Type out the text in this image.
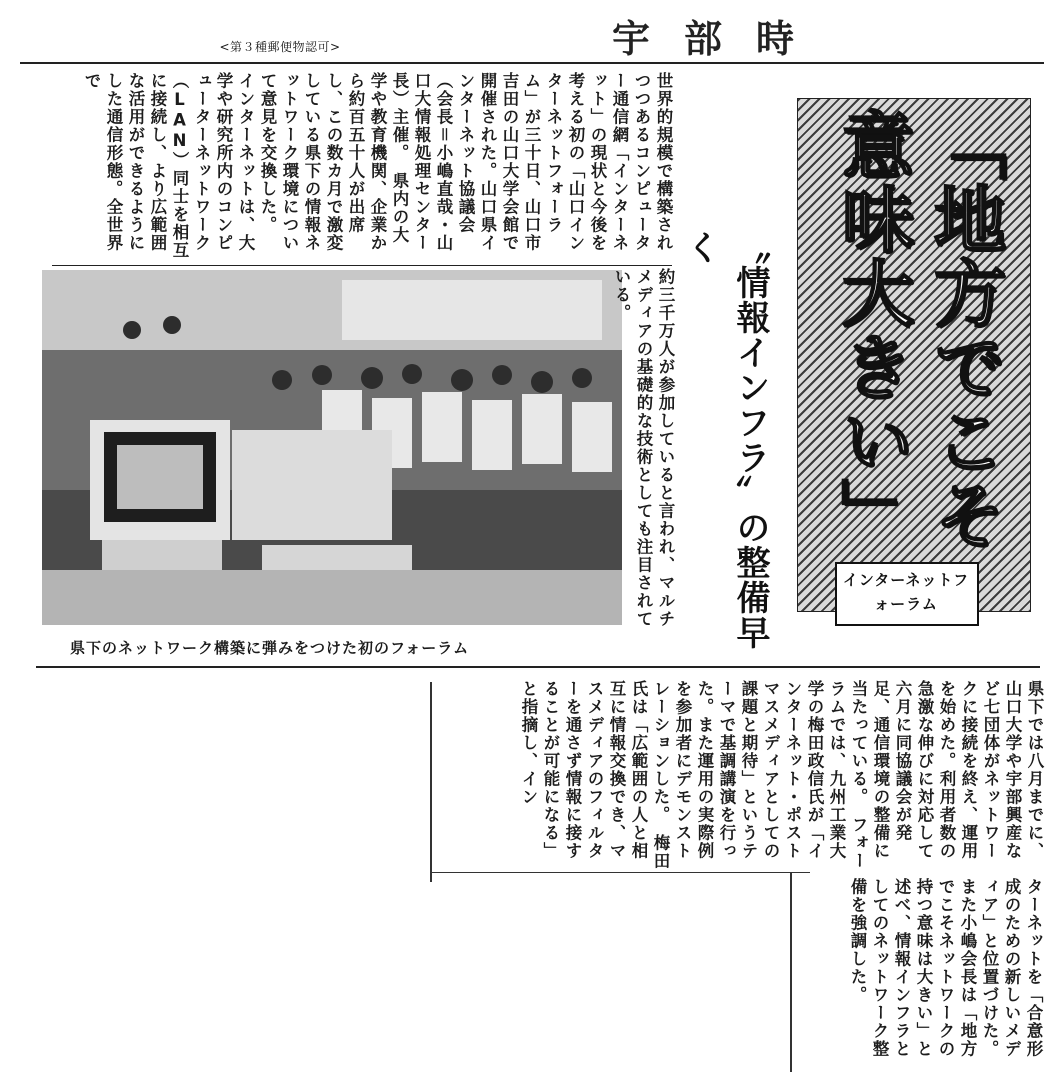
<第３種郵便物認可>	宇部時
世界的規模で構築されつつあるコンピューター通信網「インターネット」の現状と今後を考える初の「山口インターネットフォーラム」が三十日、山口市吉田の山口大学会館で開催された。山口県インターネット協議会（会長＝小嶋直哉・山口大情報処理センター長）主催。　県内の大学や教育機関、企業から約百五十人が出席し、この数カ月で激変している県下の情報ネットワーク環境について意見を交換した。　インターネットは、大学や研究所内のコンピューターネットワーク（LAN）同士を相互に接続し、より広範囲な活用ができるようにした通信形態。全世界で
県下のネットワーク構築に弾みをつけた初のフォーラム
約三千万人が参加していると言われ、マルチメディアの基礎的な技術としても注目されている。	〝情報インフラ〟の整備早く	「地方でこそ意味大きい」
インターネットフォーラム
県下では八月までに、山口大学や宇部興産など七団体がネットワークに接続を終え、運用を始めた。利用者数の急激な伸びに対応して六月に同協議会が発足、通信環境の整備に当たっている。　フォーラムでは、九州工業大学の梅田政信氏が「インターネット・ポストマスメディアとしての課題と期待」というテーマで基調講演を行った。また運用の実際例を参加者にデモンストレーションした。　梅田氏は「広範囲の人と相互に情報交換でき、マスメディアのフィルターを通さず情報に接することが可能になる」と指摘し、イン
ターネットを「合意形成のための新しいメディア」と位置づけた。また小嶋会長は「地方でこそネットワークの持つ意味は大きい」と述べ、情報インフラとしてのネットワーク整備を強調した。
